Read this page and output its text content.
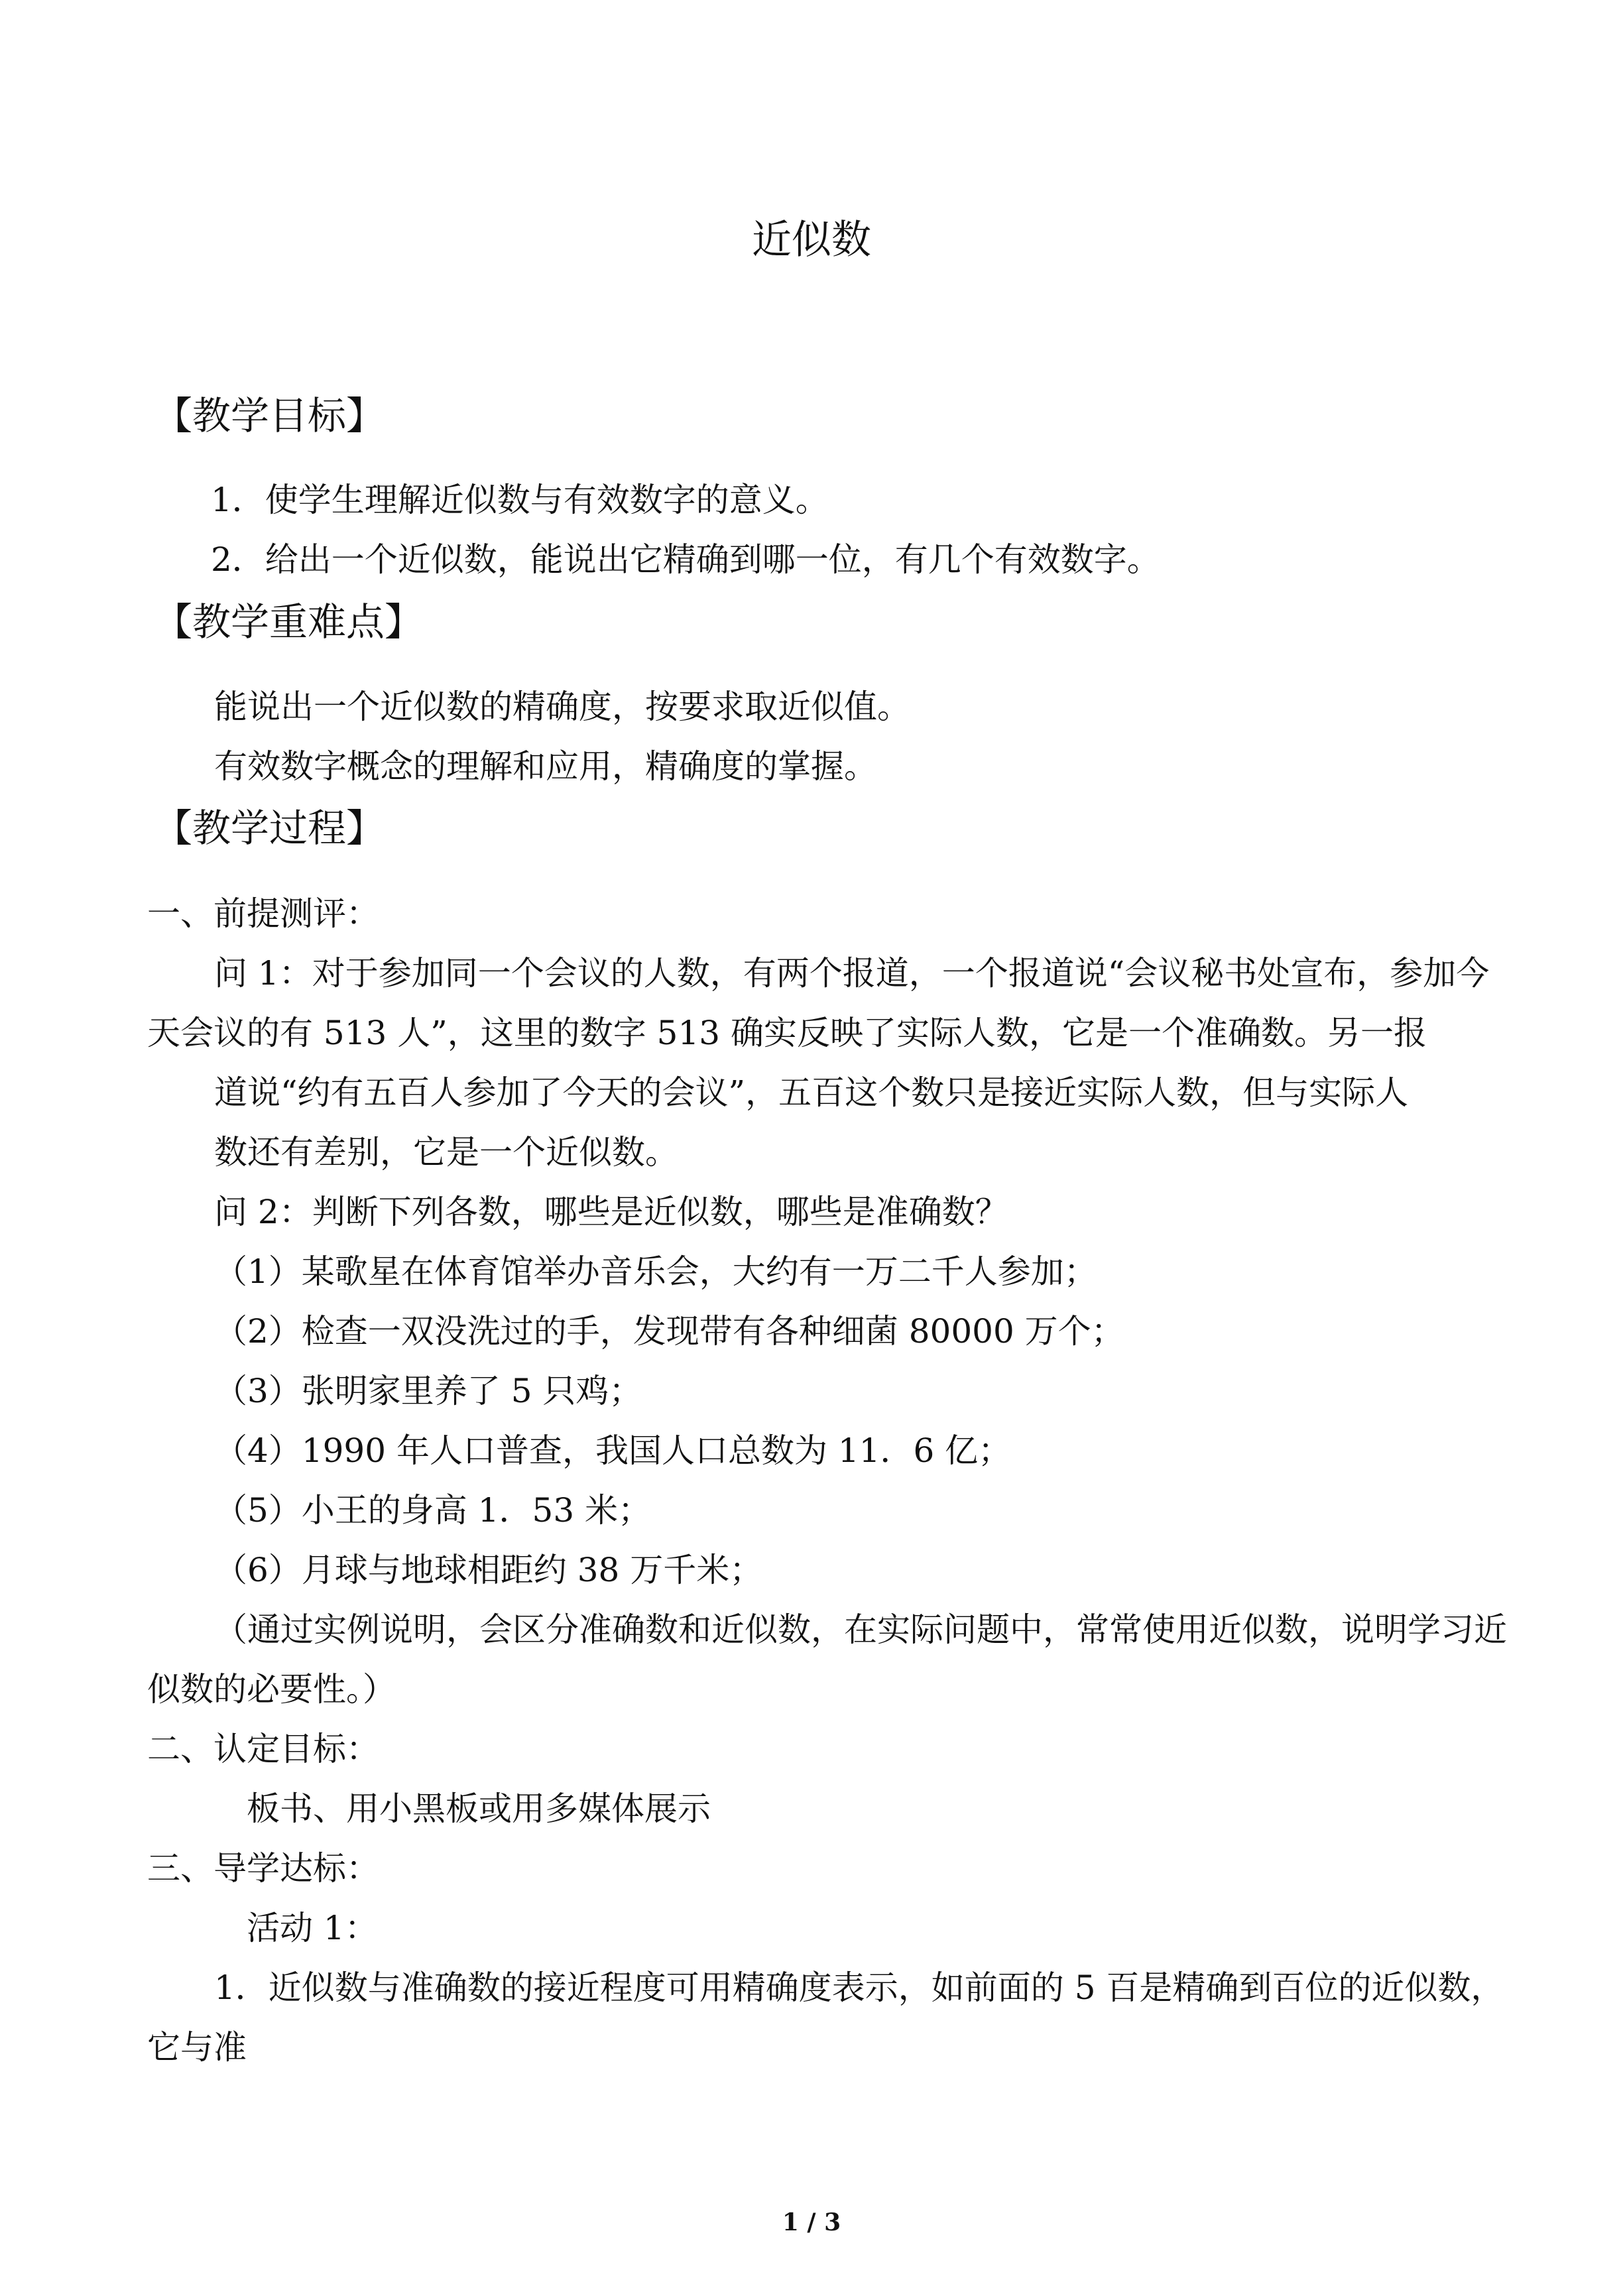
近似数
【教学目标】
1．使学生理解近似数与有效数字的意义。
2．给出一个近似数，能说出它精确到哪一位，有几个有效数字。
【教学重难点】
能说出一个近似数的精确度，按要求取近似值。
有效数字概念的理解和应用，精确度的掌握。
【教学过程】
一、前提测评：
问 1：对于参加同一个会议的人数，有两个报道，一个报道说“会议秘书处宣布，参加今
天会议的有 513 人”，这里的数字 513 确实反映了实际人数，它是一个准确数。另一报
道说“约有五百人参加了今天的会议”，五百这个数只是接近实际人数，但与实际人
数还有差别，它是一个近似数。
问 2：判断下列各数，哪些是近似数，哪些是准确数？
（1）某歌星在体育馆举办音乐会，大约有一万二千人参加；
（2）检查一双没洗过的手，发现带有各种细菌 80000 万个；
（3）张明家里养了 5 只鸡；
（4）1990 年人口普查，我国人口总数为 11．6 亿；
（5）小王的身高 1．53 米；
（6）月球与地球相距约 38 万千米；
（通过实例说明，会区分准确数和近似数，在实际问题中，常常使用近似数，说明学习近
似数的必要性。）
二、认定目标：
板书、用小黑板或用多媒体展示
三、导学达标：
活动 1：
1．近似数与准确数的接近程度可用精确度表示，如前面的 5 百是精确到百位的近似数，
它与准
1 / 3
